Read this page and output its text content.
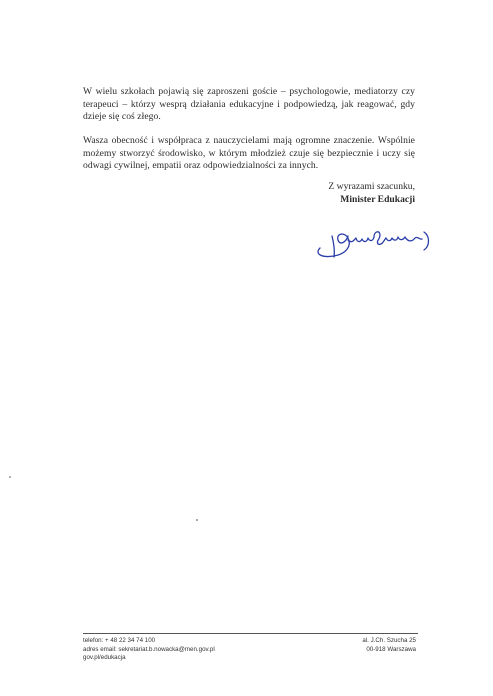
W wielu szkołach pojawią się zaproszeni goście – psychologowie, mediatorzy czy terapeuci – którzy wesprą działania edukacyjne i podpowiedzą, jak reagować, gdy dzieje się coś złego.

Wasza obecność i współpraca z nauczycielami mają ogromne znaczenie. Wspólnie możemy stworzyć środowisko, w którym młodzież czuje się bezpiecznie i uczy się odwagi cywilnej, empatii oraz odpowiedzialności za innych.

Z wyrazami szacunku,
Minister Edukacji
telefon: + 48 22 34 74 100
adres email: sekretariat.b.nowacka@men.gov.pl
gov.pl/edukacja
al. J.Ch. Szucha 25
00-918 Warszawa
